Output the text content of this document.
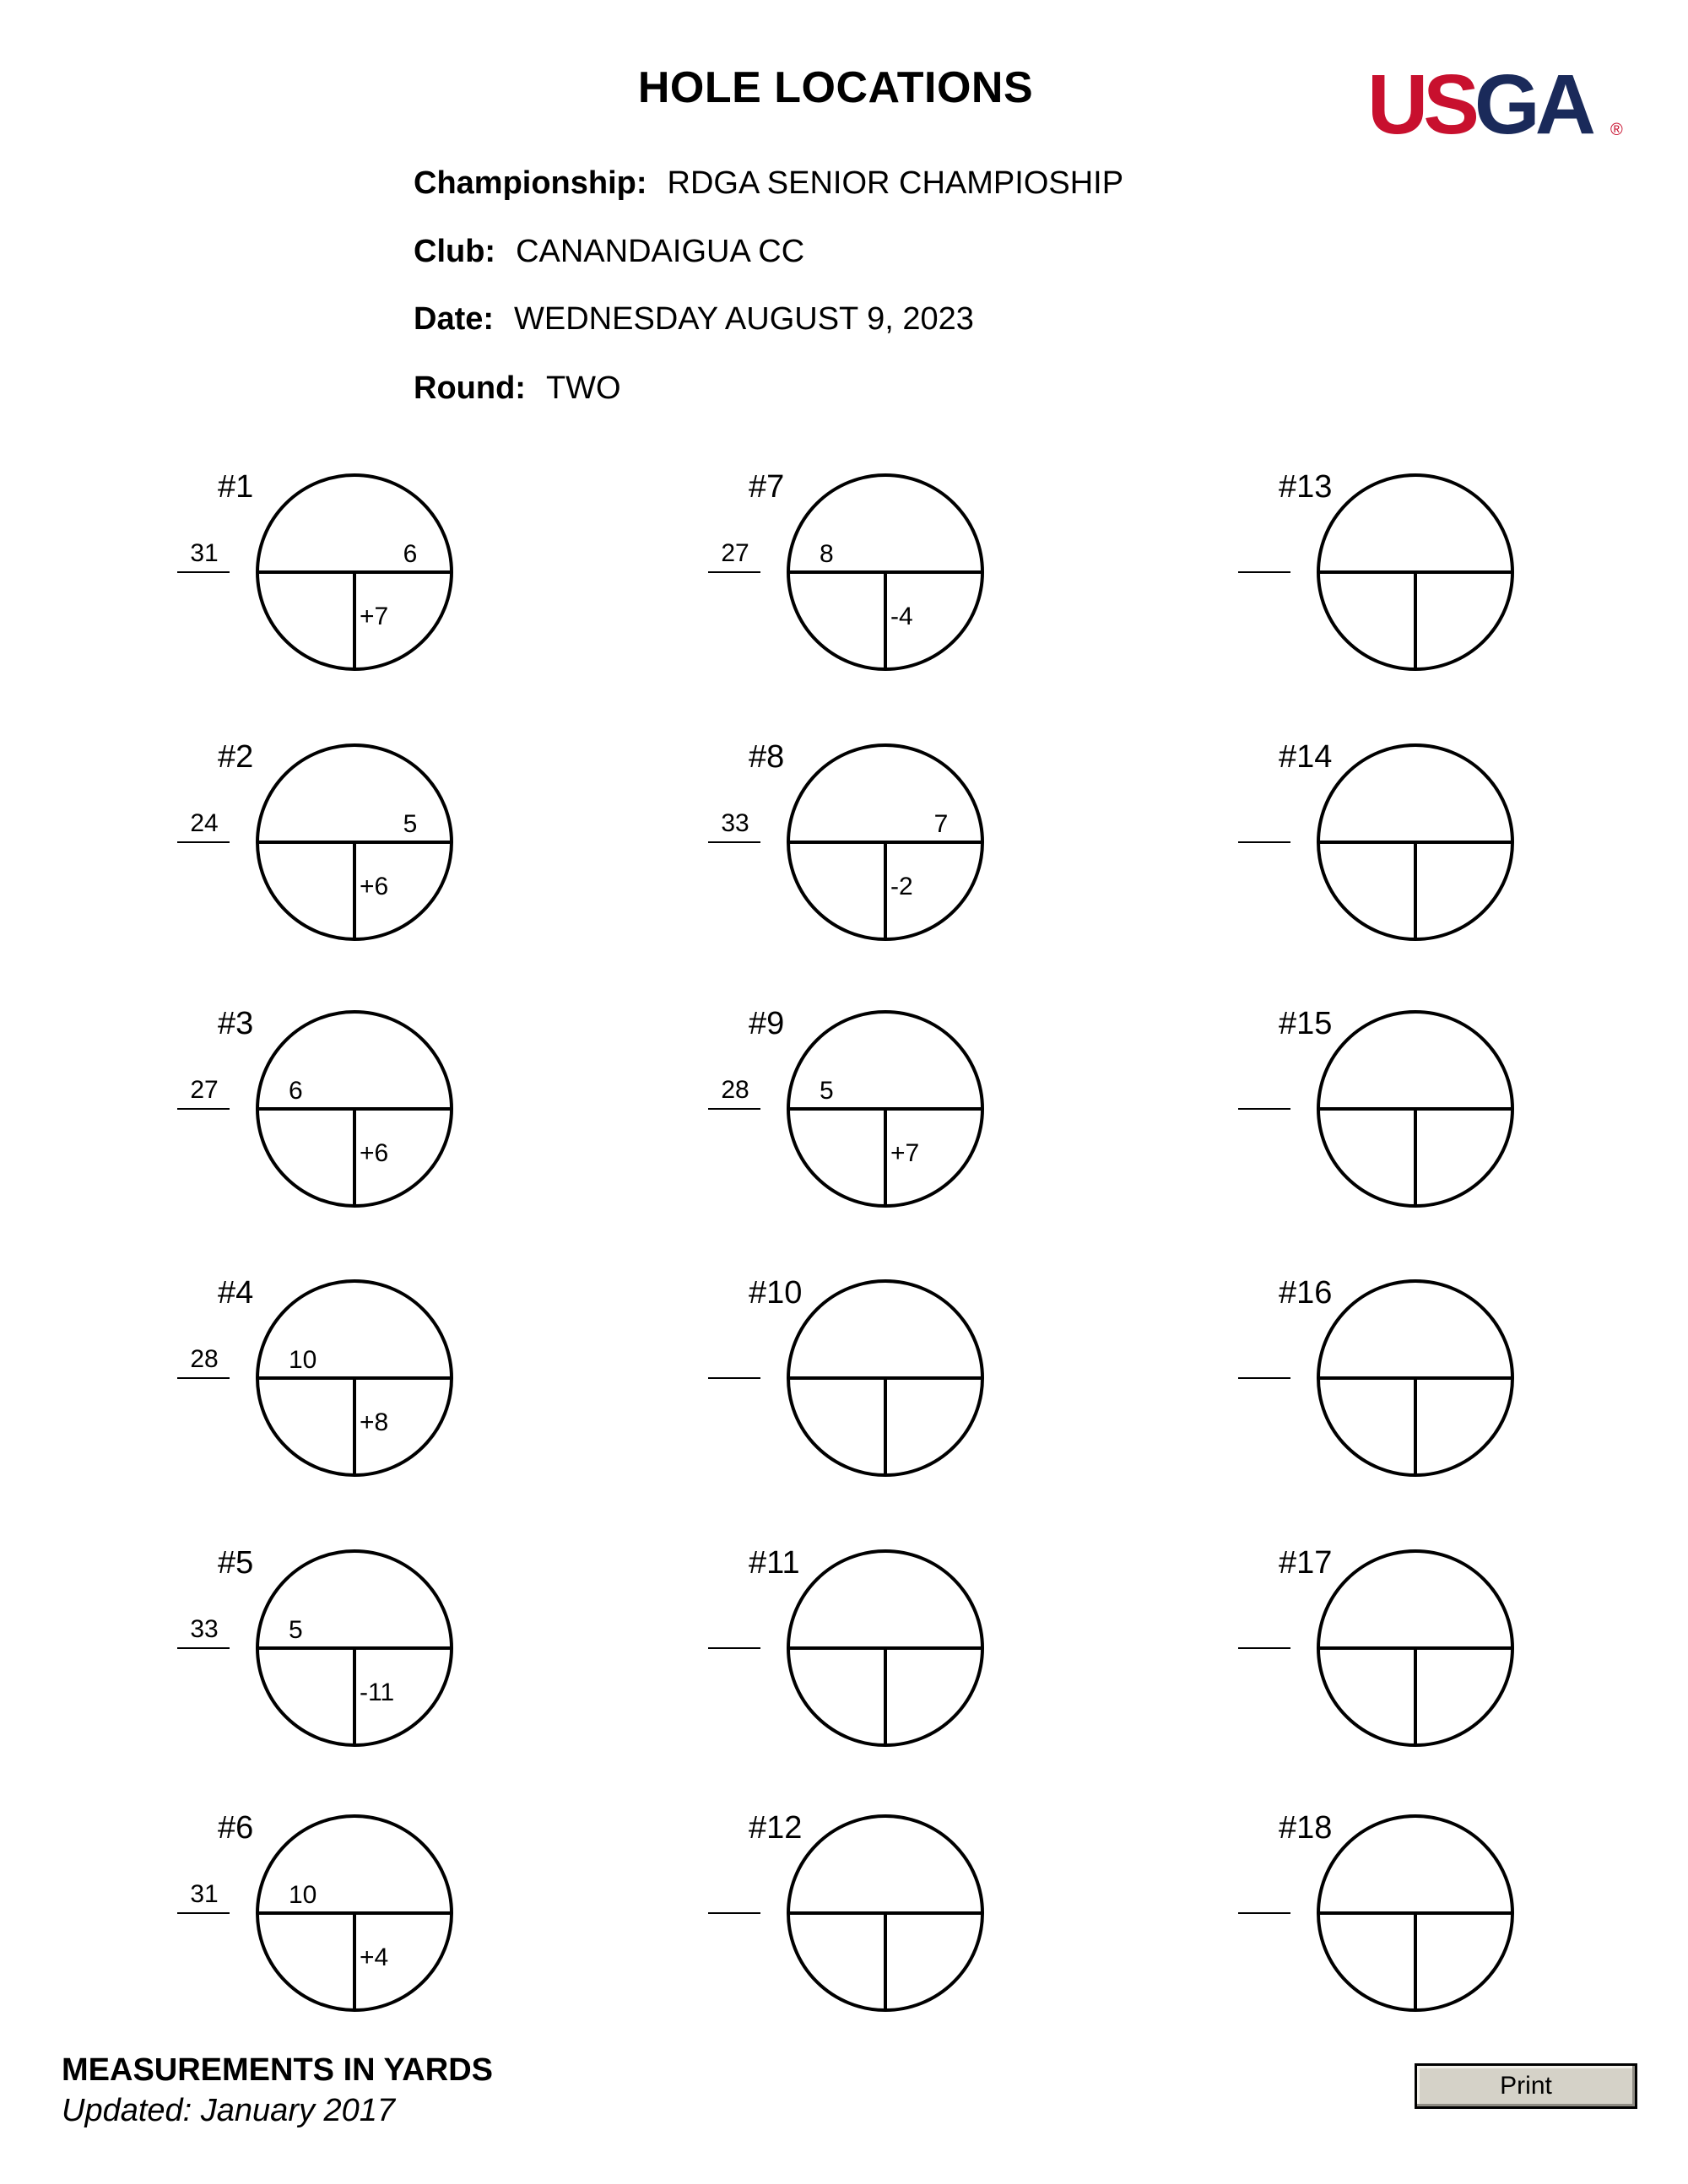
HOLE LOCATIONS	USGA ®
Championship: RDGA SENIOR CHAMPIOSHIP
Club: CANANDAIGUA CC
Date: WEDNESDAY AUGUST 9, 2023
Round: TWO
#1
31	6
+7
#2
24	5
+6
#3
27	6
+6
#4
28	10
+8
#5
33	5
-11
#6
31	10
+4
#7
27	8
-4
#8
33	7
-2
#9
28	5
+7
#10
#11
#12
#13
#14
#15
#16
#17
#18
MEASUREMENTS IN YARDS
Updated: January 2017
Print
